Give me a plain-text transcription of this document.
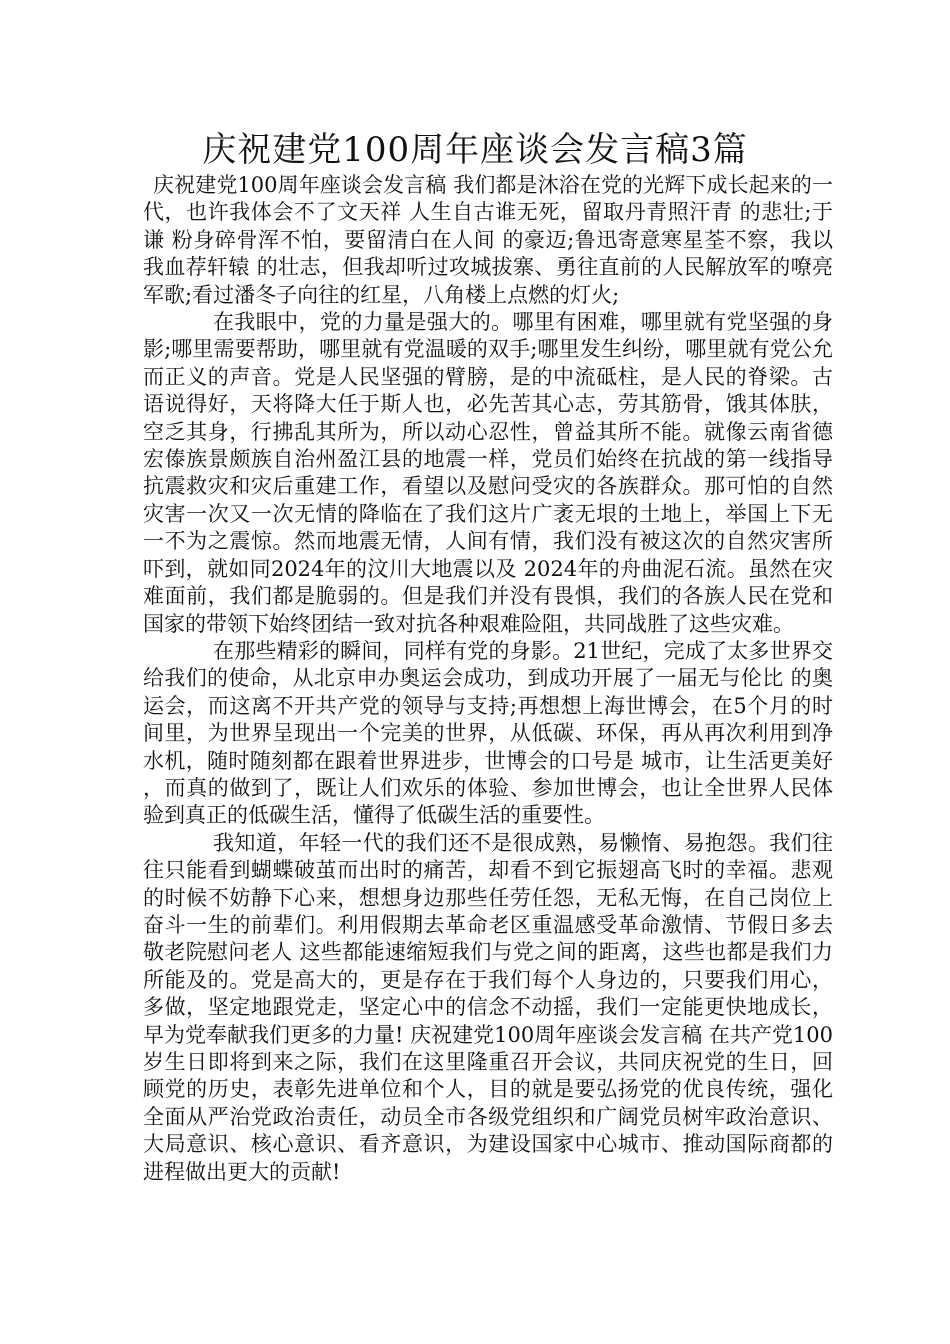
庆祝建党100周年座谈会发言稿3篇

庆祝建党100周年座谈会发言稿 我们都是沐浴在党的光辉下成长起来的一代，也许我体会不了文天祥 人生自古谁无死，留取丹青照汗青 的悲壮;于谦 粉身碎骨浑不怕，要留清白在人间 的豪迈;鲁迅寄意寒星荃不察，我以我血荐轩辕 的壮志，但我却听过攻城拔寨、勇往直前的人民解放军的嘹亮军歌;看过潘冬子向往的红星，八角楼上点燃的灯火;

在我眼中，党的力量是强大的。哪里有困难，哪里就有党坚强的身影;哪里需要帮助，哪里就有党温暖的双手;哪里发生纠纷，哪里就有党公允而正义的声音。党是人民坚强的臂膀，是的中流砥柱，是人民的脊梁。古语说得好，天将降大任于斯人也，必先苦其心志，劳其筋骨，饿其体肤，空乏其身，行拂乱其所为，所以动心忍性，曾益其所不能。就像云南省德宏傣族景颇族自治州盈江县的地震一样，党员们始终在抗战的第一线指导抗震救灾和灾后重建工作，看望以及慰问受灾的各族群众。那可怕的自然灾害一次又一次无情的降临在了我们这片广袤无垠的土地上，举国上下无一不为之震惊。然而地震无情，人间有情，我们没有被这次的自然灾害所吓到，就如同2024年的汶川大地震以及 2024年的舟曲泥石流。虽然在灾难面前，我们都是脆弱的。但是我们并没有畏惧，我们的各族人民在党和国家的带领下始终团结一致对抗各种艰难险阻，共同战胜了这些灾难。

在那些精彩的瞬间，同样有党的身影。21世纪，完成了太多世界交给我们的使命，从北京申办奥运会成功，到成功开展了一届无与伦比 的奥运会，而这离不开共产党的领导与支持;再想想上海世博会，在5个月的时间里，为世界呈现出一个完美的世界，从低碳、环保，再从再次利用到净水机，随时随刻都在跟着世界进步，世博会的口号是 城市，让生活更美好 ，而真的做到了，既让人们欢乐的体验、参加世博会，也让全世界人民体验到真正的低碳生活，懂得了低碳生活的重要性。

我知道，年轻一代的我们还不是很成熟，易懒惰、易抱怨。我们往往只能看到蝴蝶破茧而出时的痛苦，却看不到它振翅高飞时的幸福。悲观的时候不妨静下心来，想想身边那些任劳任怨，无私无悔，在自己岗位上奋斗一生的前辈们。利用假期去革命老区重温感受革命激情、节假日多去敬老院慰问老人 这些都能速缩短我们与党之间的距离，这些也都是我们力所能及的。党是高大的，更是存在于我们每个人身边的，只要我们用心，多做，坚定地跟党走，坚定心中的信念不动摇，我们一定能更快地成长，早为党奉献我们更多的力量! 庆祝建党100周年座谈会发言稿 在共产党100岁生日即将到来之际，我们在这里隆重召开会议，共同庆祝党的生日，回顾党的历史，表彰先进单位和个人，目的就是要弘扬党的优良传统，强化全面从严治党政治责任，动员全市各级党组织和广阔党员树牢政治意识、大局意识、核心意识、看齐意识，为建设国家中心城市、推动国际商都的进程做出更大的贡献!
